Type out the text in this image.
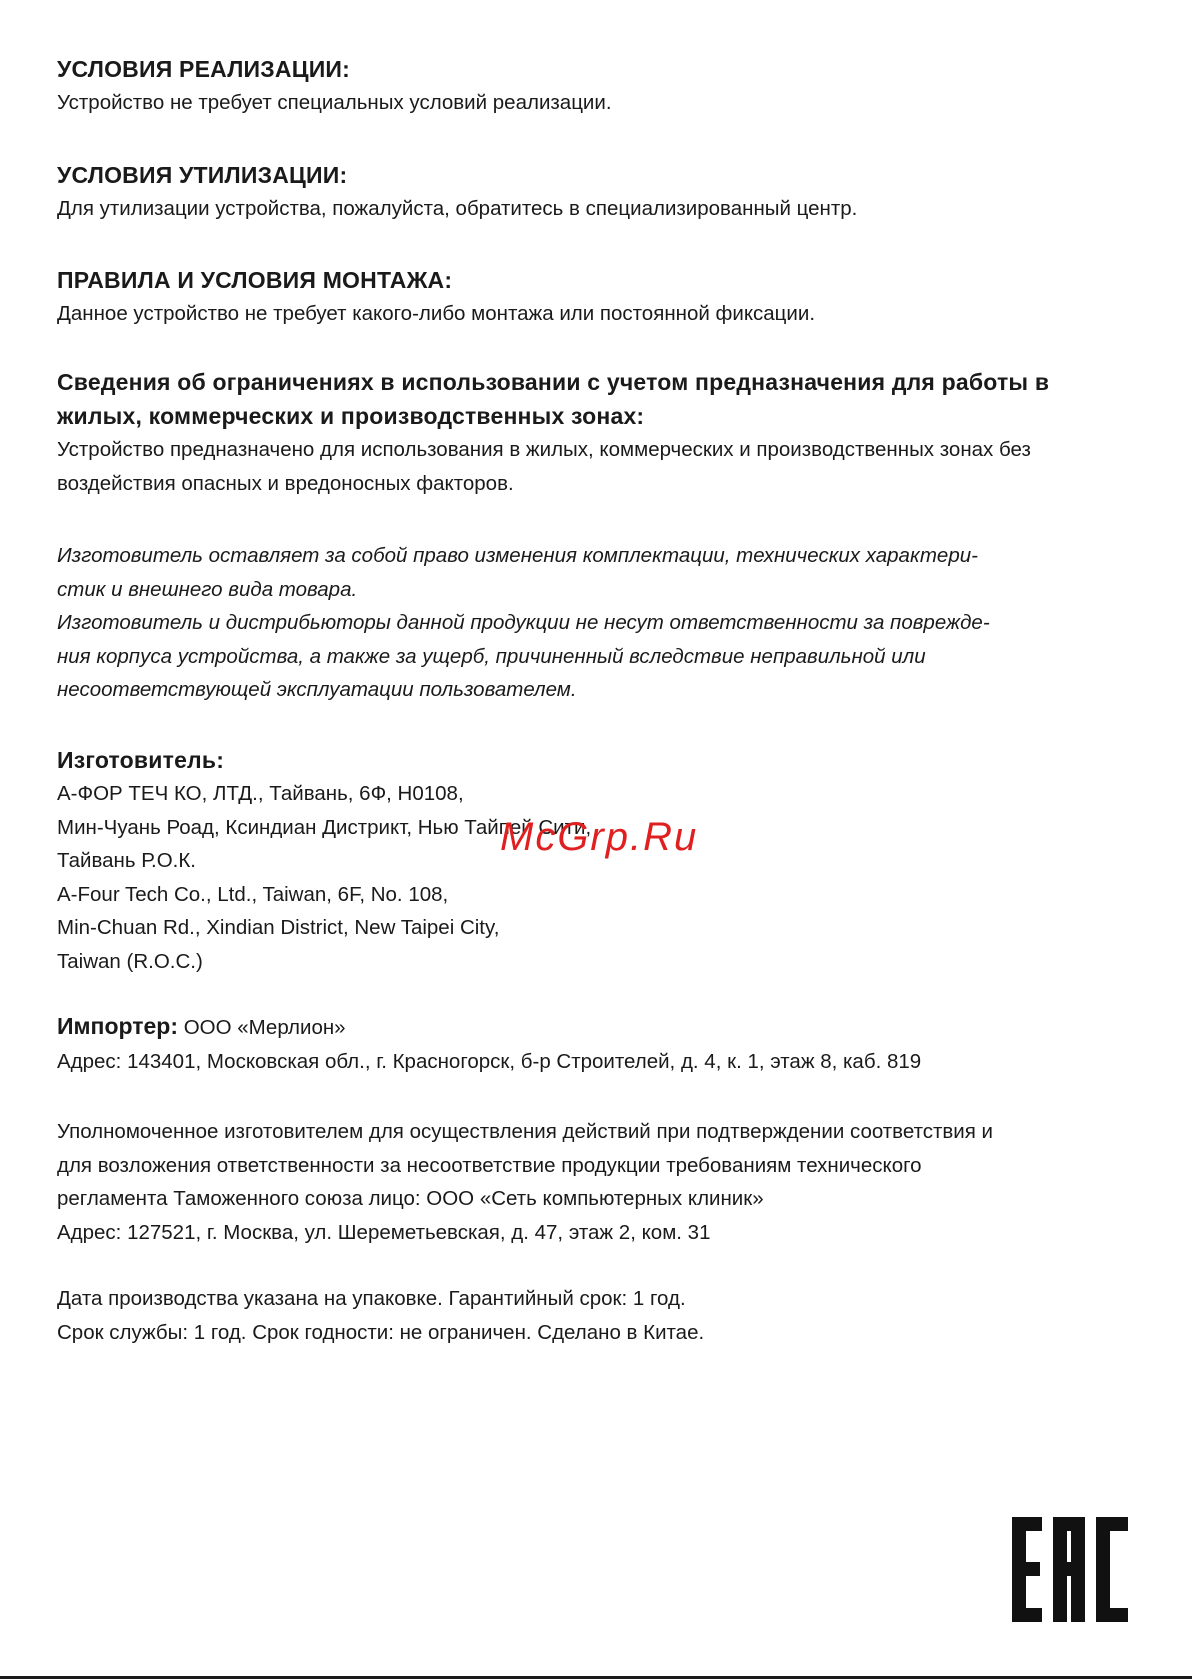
УСЛОВИЯ РЕАЛИЗАЦИИ:

Устройство не требует специальных условий реализации.

УСЛОВИЯ УТИЛИЗАЦИИ:

Для утилизации устройства, пожалуйста, обратитесь в специализированный центр.

ПРАВИЛА И УСЛОВИЯ МОНТАЖА:

Данное устройство не требует какого-либо монтажа или постоянной фиксации.

Сведения об ограничениях в использовании с учетом предназначения для работы в
жилых, коммерческих и производственных зонах:

Устройство предназначено для использования в жилых, коммерческих и производственных зонах без
воздействия опасных и вредоносных факторов.

Изготовитель оставляет за собой право изменения комплектации, технических характери-
стик и внешнего вида товара.
Изготовитель и дистрибьюторы данной продукции не несут ответственности за поврежде-
ния корпуса устройства, а также за ущерб, причиненный вследствие неправильной или
несоответствующей эксплуатации пользователем.

Изготовитель:

А-ФОР ТЕЧ КО, ЛТД., Тайвань, 6Ф, Н0108,
Мин-Чуань Роад, Ксиндиан Дистрикт, Нью Тайпей Сити,
Тайвань Р.О.К.
A-Four Tech Co., Ltd., Taiwan, 6F, No. 108,
Min-Chuan Rd., Xindian District, New Taipei City,
Taiwan (R.O.C.)

Импортер: ООО «Мерлион»
Адрес: 143401, Московская обл., г. Красногорск, б-р Строителей, д. 4, к. 1, этаж 8, каб. 819

Уполномоченное изготовителем для осуществления действий при подтверждении соответствия и
для возложения ответственности за несоответствие продукции требованиям технического
регламента Таможенного союза лицо: ООО «Сеть компьютерных клиник»
Адрес: 127521, г. Москва, ул. Шереметьевская, д. 47, этаж 2, ком. 31

Дата производства указана на упаковке. Гарантийный срок: 1 год.
Срок службы: 1 год. Срок годности: не ограничен. Сделано в Китае.

McGrp.Ru
